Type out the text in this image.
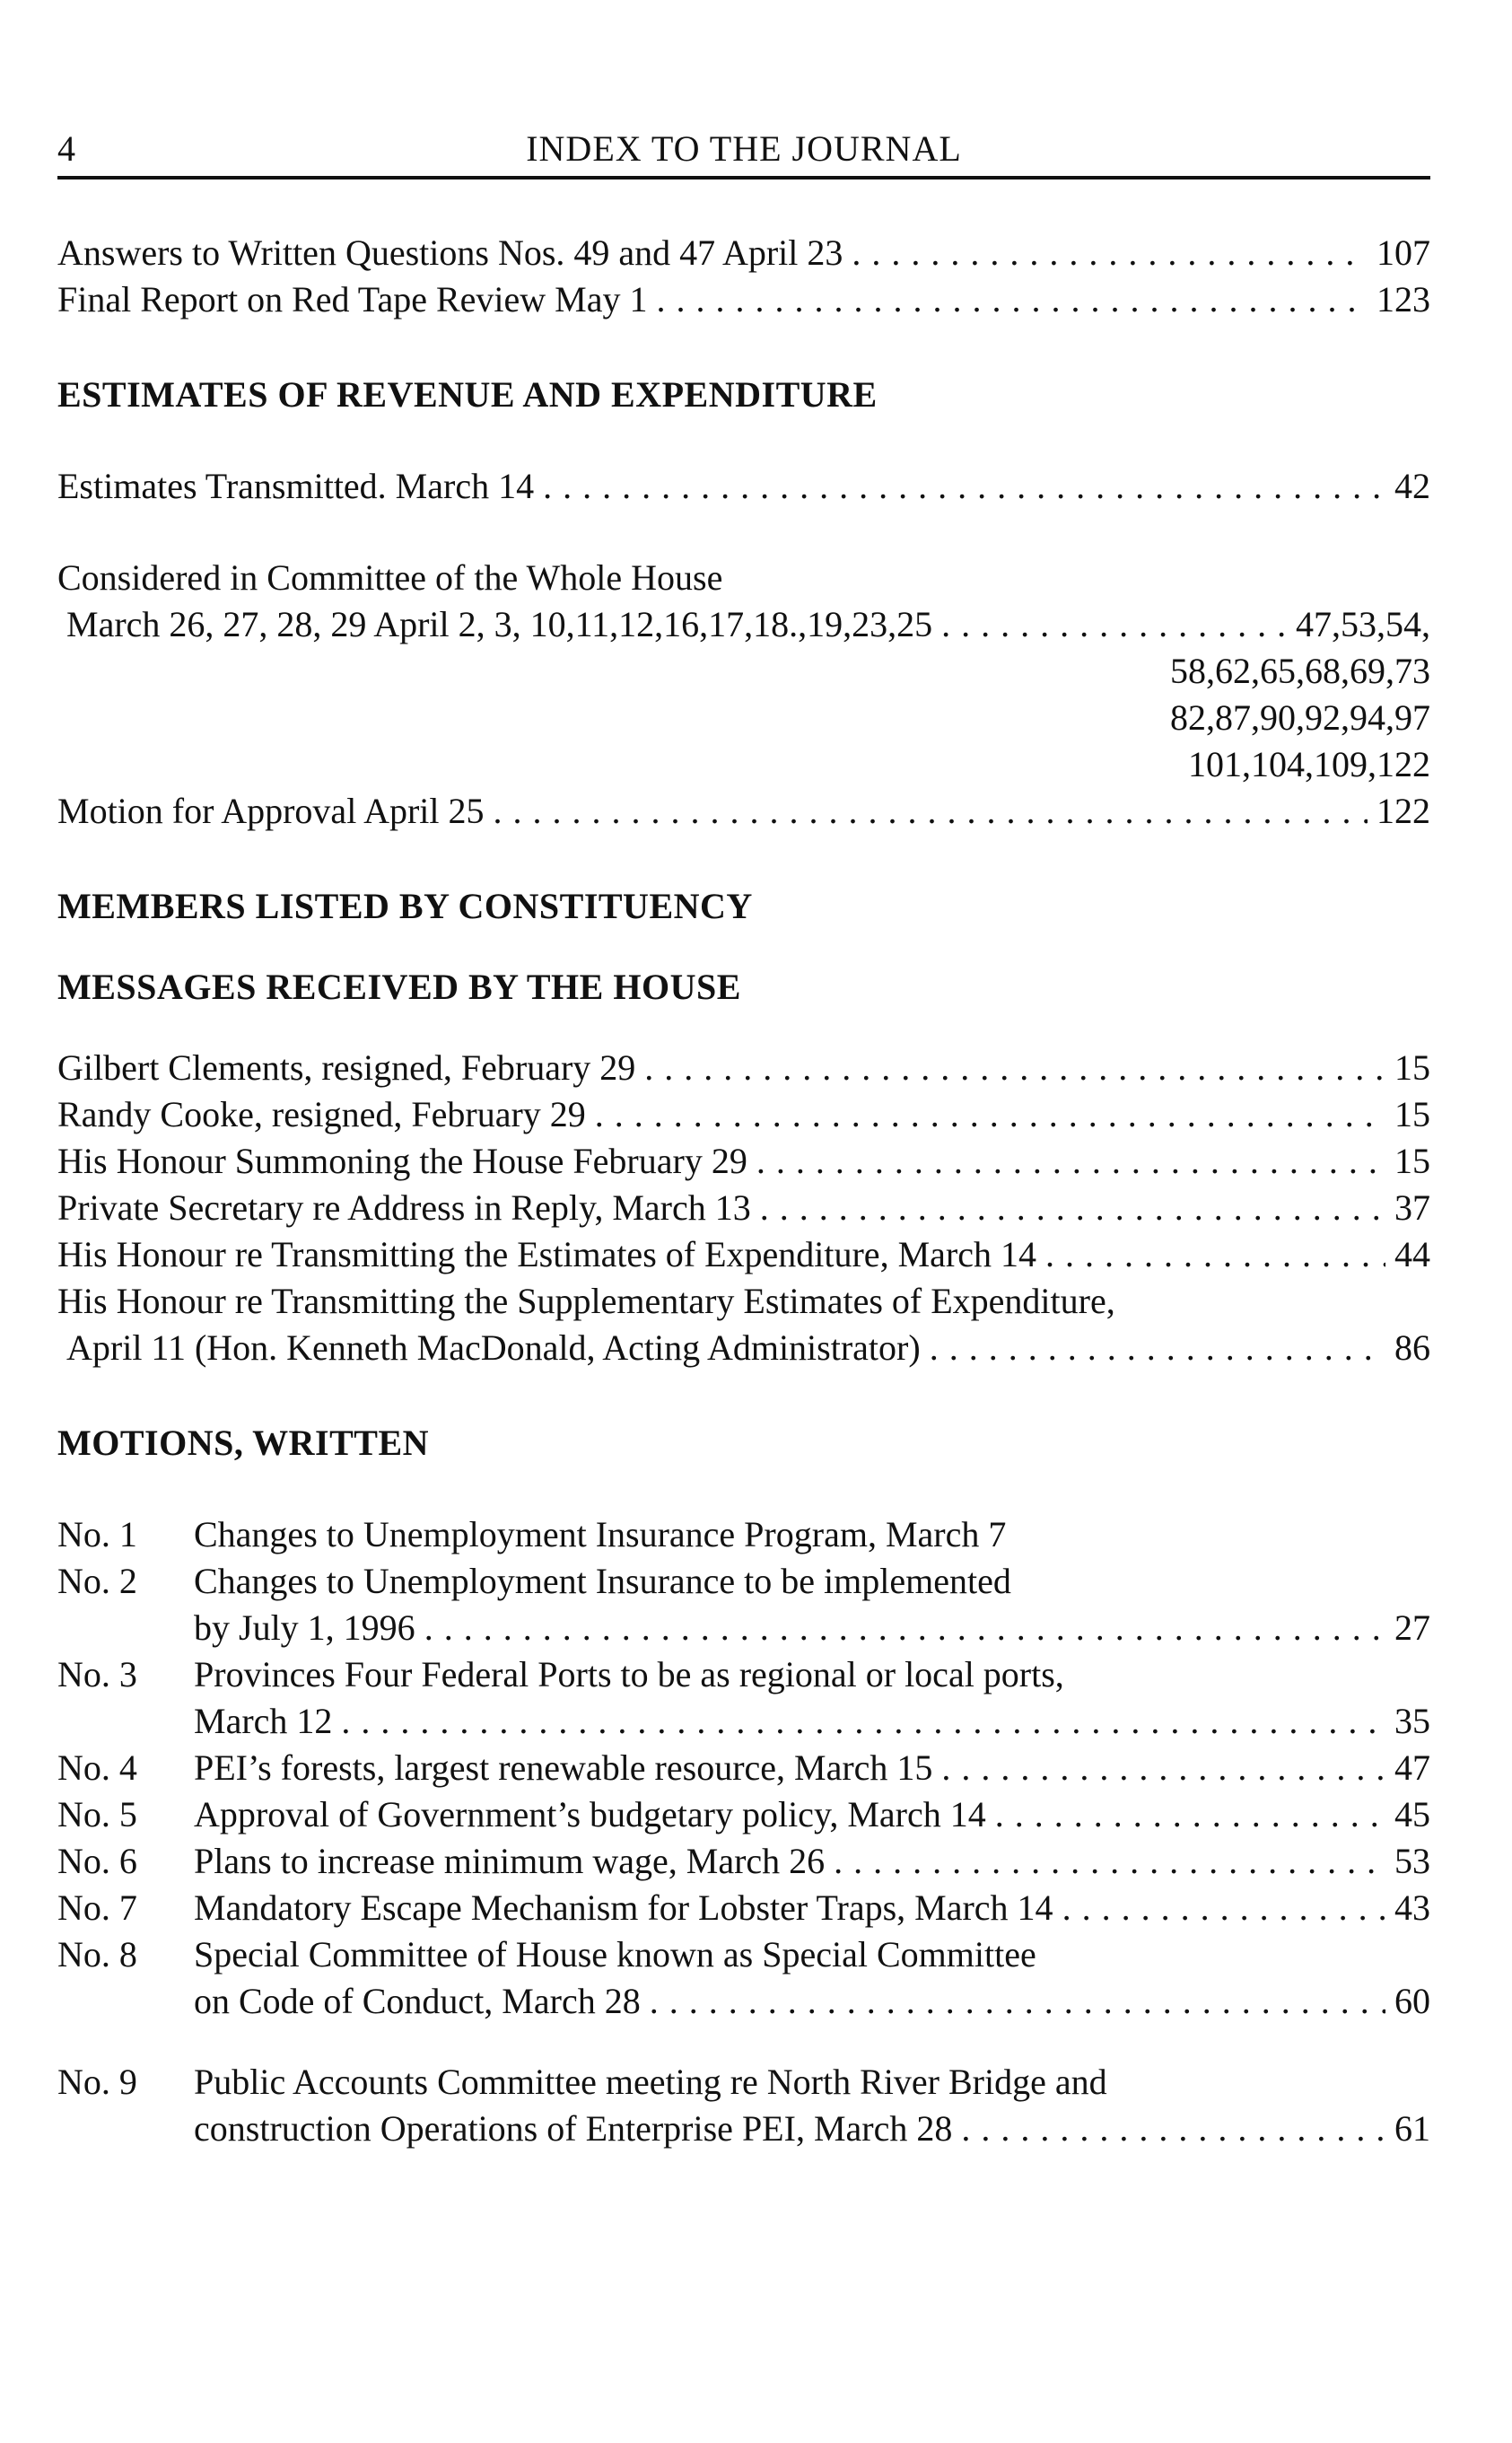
4	INDEX TO THE JOURNAL
Answers to Written Questions Nos. 49 and 47 April 23 . . .	107
Final Report on Red Tape Review May 1 . . .	123
ESTIMATES OF REVENUE AND EXPENDITURE
Estimates Transmitted. March 14 . . .	42
Considered in Committee of the Whole House
March 26, 27, 28, 29 April 2, 3, 10,11,12,16,17,18.,19,23,25 . . .	47,53,54,
58,62,65,68,69,73
82,87,90,92,94,97
101,104,109,122
Motion for Approval April 25 . . .	122
MEMBERS LISTED BY CONSTITUENCY
MESSAGES RECEIVED BY THE HOUSE
Gilbert Clements, resigned, February 29 . . .	15
Randy Cooke, resigned, February 29 . . .	15
His Honour Summoning the House February 29 . . .	15
Private Secretary re Address in Reply, March 13 . . .	37
His Honour re Transmitting the Estimates of Expenditure, March 14 . . .	44
His Honour re Transmitting the Supplementary Estimates of Expenditure,
April 11 (Hon. Kenneth MacDonald, Acting Administrator) . . .	86
MOTIONS, WRITTEN
No. 1	Changes to Unemployment Insurance Program, March 7
No. 2	Changes to Unemployment Insurance to be implemented
by July 1, 1996 . . .	27
No. 3	Provinces Four Federal Ports to be as regional or local ports,
March 12 . . .	35
No. 4	PEI’s forests, largest renewable resource, March 15 . . .	47
No. 5	Approval of Government’s budgetary policy, March 14 . . .	45
No. 6	Plans to increase minimum wage, March 26 . . .	53
No. 7	Mandatory Escape Mechanism for Lobster Traps, March 14 . . .	43
No. 8	Special Committee of House known as Special Committee
on Code of Conduct, March 28 . . .	60
No. 9	Public Accounts Committee meeting re North River Bridge and
construction Operations of Enterprise PEI, March 28 . . .	61
